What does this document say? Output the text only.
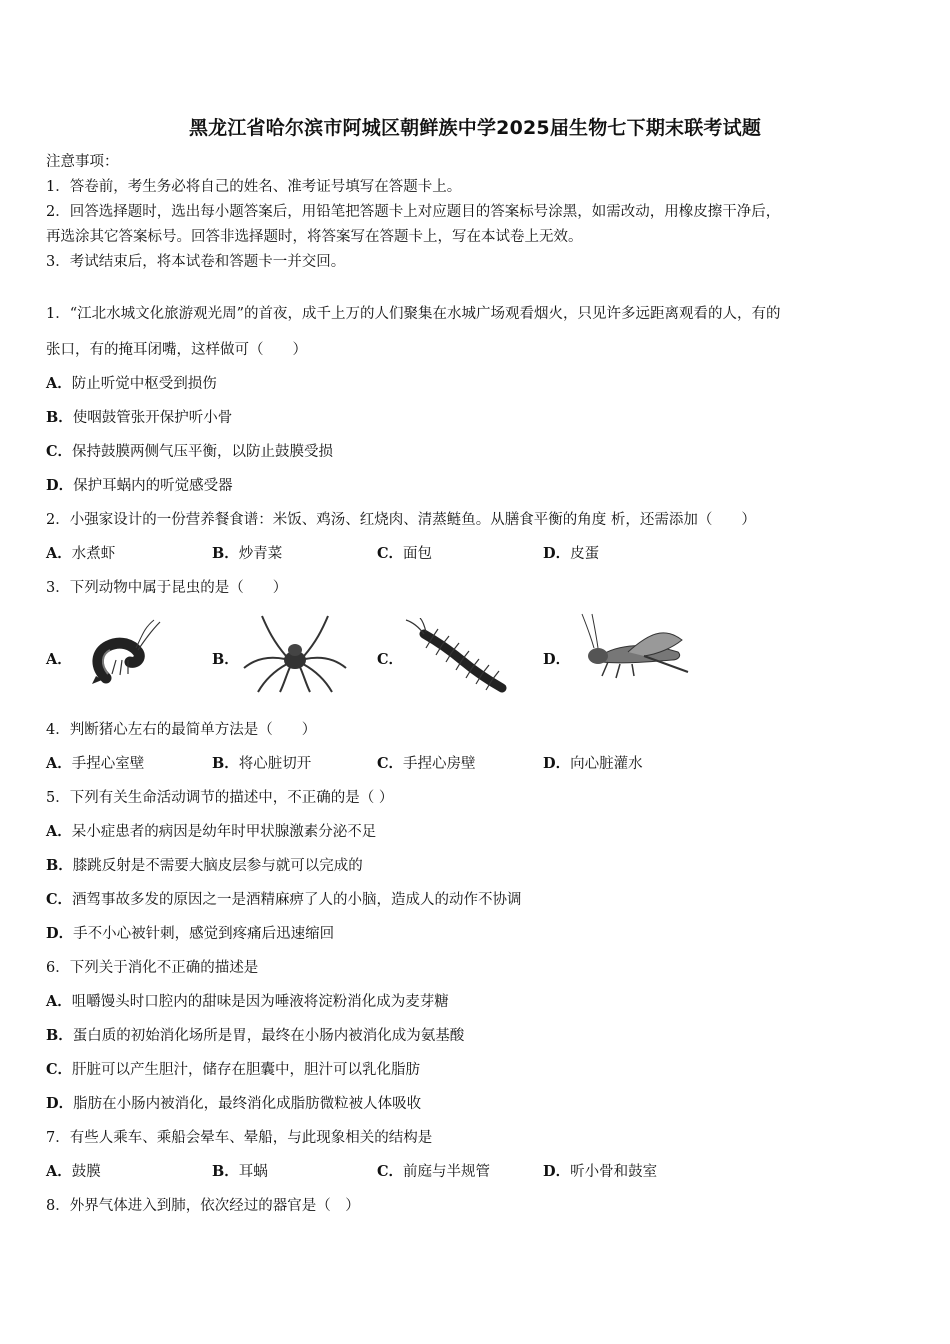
黑龙江省哈尔滨市阿城区朝鲜族中学2025届生物七下期末联考试题
注意事项：
1．答卷前，考生务必将自己的姓名、准考证号填写在答题卡上。
2．回答选择题时，选出每小题答案后，用铅笔把答题卡上对应题目的答案标号涂黑，如需改动，用橡皮擦干净后，
再选涂其它答案标号。回答非选择题时，将答案写在答题卡上，写在本试卷上无效。
3．考试结束后，将本试卷和答题卡一并交回。
1．“江北水城文化旅游观光周”的首夜，成千上万的人们聚集在水城广场观看烟火，只见许多远距离观看的人，有的
张口，有的掩耳闭嘴，这样做可（　　）
A．防止听觉中枢受到损伤
B．使咽鼓管张开保护听小骨
C．保持鼓膜两侧气压平衡，以防止鼓膜受损
D．保护耳蜗内的听觉感受器
2．小强家设计的一份营养餐食谱：米饭、鸡汤、红烧肉、清蒸鲢鱼。从膳食平衡的角度 析，还需添加（　　）
A．水煮虾	B．炒青菜	C．面包	D．皮蛋
3．下列动物中属于昆虫的是（　　）
A．	B．	C．	D．
4．判断猪心左右的最简单方法是（　　）
A．手捏心室壁	B．将心脏切开	C．手捏心房壁	D．向心脏灌水
5．下列有关生命活动调节的描述中，不正确的是（ ）
A．呆小症患者的病因是幼年时甲状腺激素分泌不足
B．膝跳反射是不需要大脑皮层参与就可以完成的
C．酒驾事故多发的原因之一是酒精麻痹了人的小脑，造成人的动作不协调
D．手不小心被针刺，感觉到疼痛后迅速缩回
6．下列关于消化不正确的描述是
A．咀嚼馒头时口腔内的甜味是因为唾液将淀粉消化成为麦芽糖
B．蛋白质的初始消化场所是胃，最终在小肠内被消化成为氨基酸
C．肝脏可以产生胆汁，储存在胆囊中，胆汁可以乳化脂肪
D．脂肪在小肠内被消化，最终消化成脂肪微粒被人体吸收
7．有些人乘车、乘船会晕车、晕船，与此现象相关的结构是
A．鼓膜	B．耳蜗	C．前庭与半规管	D．听小骨和鼓室
8．外界气体进入到肺，依次经过的器官是（　）
